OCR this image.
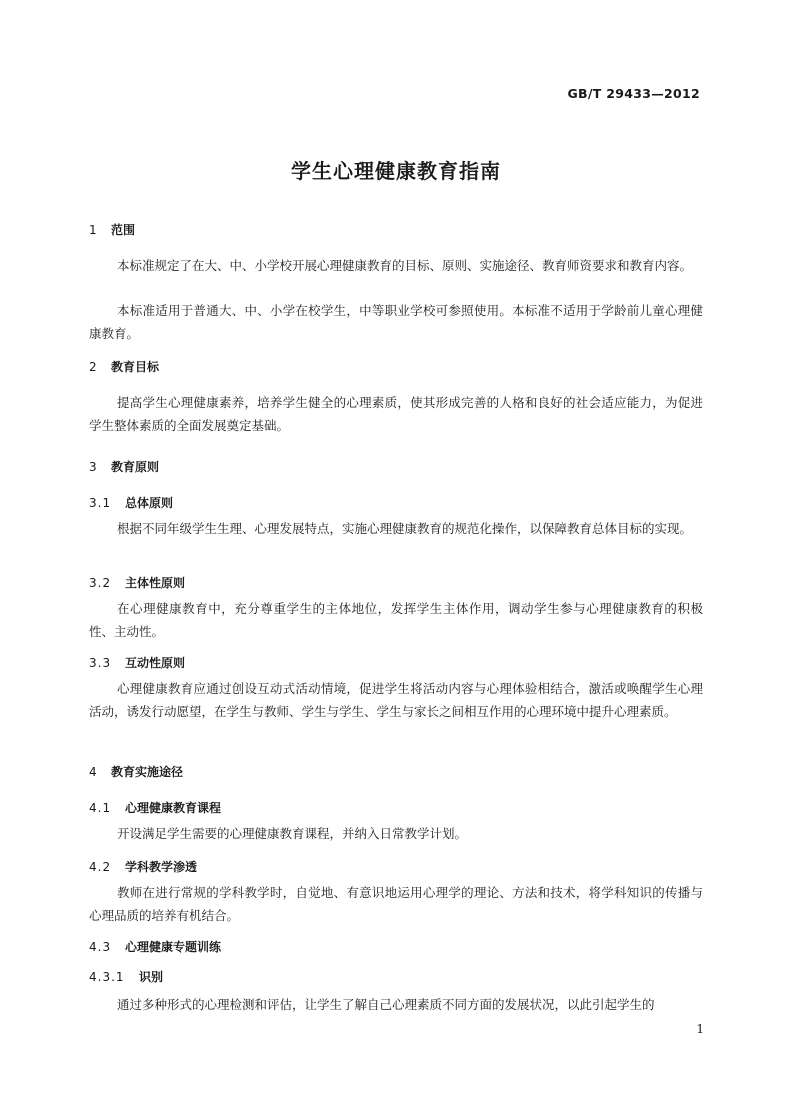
GB/T 29433—2012
学生心理健康教育指南
1 范围
本标准规定了在大、中、小学校开展心理健康教育的目标、原则、实施途径、教育师资要求和教育内容。
本标准适用于普通大、中、小学在校学生，中等职业学校可参照使用。本标准不适用于学龄前儿童心理健康教育。
2 教育目标
提高学生心理健康素养，培养学生健全的心理素质，使其形成完善的人格和良好的社会适应能力，为促进学生整体素质的全面发展奠定基础。
3 教育原则
3.1 总体原则
根据不同年级学生生理、心理发展特点，实施心理健康教育的规范化操作，以保障教育总体目标的实现。
3.2 主体性原则
在心理健康教育中，充分尊重学生的主体地位，发挥学生主体作用，调动学生参与心理健康教育的积极性、主动性。
3.3 互动性原则
心理健康教育应通过创设互动式活动情境，促进学生将活动内容与心理体验相结合，激活或唤醒学生心理活动，诱发行动愿望，在学生与教师、学生与学生、学生与家长之间相互作用的心理环境中提升心理素质。
4 教育实施途径
4.1 心理健康教育课程
开设满足学生需要的心理健康教育课程，并纳入日常教学计划。
4.2 学科教学渗透
教师在进行常规的学科教学时，自觉地、有意识地运用心理学的理论、方法和技术，将学科知识的传播与心理品质的培养有机结合。
4.3 心理健康专题训练
4.3.1 识别
通过多种形式的心理检测和评估，让学生了解自己心理素质不同方面的发展状况，以此引起学生的
1
